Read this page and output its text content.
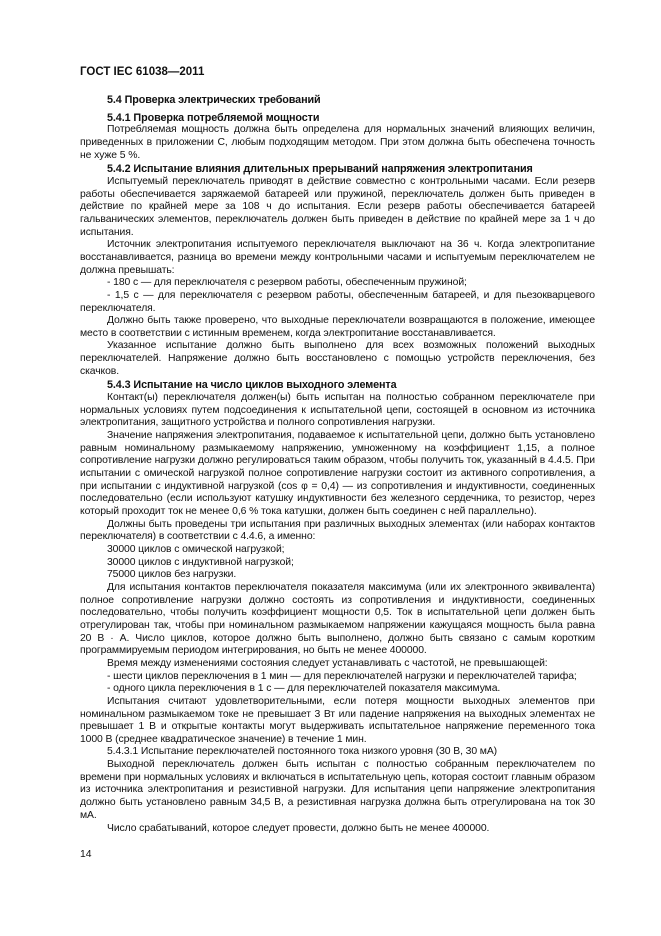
ГОСТ IEC 61038—2011

5.4 Проверка электрических требований

5.4.1 Проверка потребляемой мощности

Потребляемая мощность должна быть определена для нормальных значений влияющих величин, приведенных в приложении С, любым подходящим методом. При этом должна быть обеспечена точность не хуже 5 %.

5.4.2 Испытание влияния длительных прерываний напряжения электропитания

Испытуемый переключатель приводят в действие совместно с контрольными часами. Если резерв работы обеспечивается заряжаемой батареей или пружиной, переключатель должен быть приведен в действие по крайней мере за 108 ч до испытания. Если резерв работы обеспечивается батареей гальванических элементов, переключатель должен быть приведен в действие по крайней мере за 1 ч до испытания.

Источник электропитания испытуемого переключателя выключают на 36 ч. Когда электропитание восстанавливается, разница во времени между контрольными часами и испытуемым переключателем не должна превышать:

- 180 с — для переключателя с резервом работы, обеспеченным пружиной;

- 1,5 с — для переключателя с резервом работы, обеспеченным батареей, и для пьезокварцевого переключателя.

Должно быть также проверено, что выходные переключатели возвращаются в положение, имеющее место в соответствии с истинным временем, когда электропитание восстанавливается.

Указанное испытание должно быть выполнено для всех возможных положений выходных переключателей. Напряжение должно быть восстановлено с помощью устройств переключения, без скачков.

5.4.3 Испытание на число циклов выходного элемента

Контакт(ы) переключателя должен(ы) быть испытан на полностью собранном переключателе при нормальных условиях путем подсоединения к испытательной цепи, состоящей в основном из источника электропитания, защитного устройства и полного сопротивления нагрузки.

Значение напряжения электропитания, подаваемое к испытательной цепи, должно быть установлено равным номинальному размыкаемому напряжению, умноженному на коэффициент 1,15, а полное сопротивление нагрузки должно регулироваться таким образом, чтобы получить ток, указанный в 4.4.5. При испытании с омической нагрузкой полное сопротивление нагрузки состоит из активного сопротивления, а при испытании с индуктивной нагрузкой (cos φ = 0,4) — из сопротивления и индуктивности, соединенных последовательно (если используют катушку индуктивности без железного сердечника, то резистор, через который проходит ток не менее 0,6 % тока катушки, должен быть соединен с ней параллельно).

Должны быть проведены три испытания при различных выходных элементах (или наборах контактов переключателя) в соответствии с 4.4.6, а именно:

30000 циклов с омической нагрузкой;

30000 циклов с индуктивной нагрузкой;

75000 циклов без нагрузки.

Для испытания контактов переключателя показателя максимума (или их электронного эквивалента) полное сопротивление нагрузки должно состоять из сопротивления и индуктивности, соединенных последовательно, чтобы получить коэффициент мощности 0,5. Ток в испытательной цепи должен быть отрегулирован так, чтобы при номинальном размыкаемом напряжении кажущаяся мощность была равна 20 В · А. Число циклов, которое должно быть выполнено, должно быть связано с самым коротким программируемым периодом интегрирования, но быть не менее 400000.

Время между изменениями состояния следует устанавливать с частотой, не превышающей:

- шести циклов переключения в 1 мин — для переключателей нагрузки и переключателей тарифа;

- одного цикла переключения в 1 с — для переключателей показателя максимума.

Испытания считают удовлетворительными, если потеря мощности выходных элементов при номинальном размыкаемом токе не превышает 3 Вт или падение напряжения на выходных элементах не превышает 1 В и открытые контакты могут выдерживать испытательное напряжение переменного тока 1000 В (среднее квадратическое значение) в течение 1 мин.

5.4.3.1 Испытание переключателей постоянного тока низкого уровня (30 В, 30 мА)

Выходной переключатель должен быть испытан с полностью собранным переключателем по времени при нормальных условиях и включаться в испытательную цепь, которая состоит главным образом из источника электропитания и резистивной нагрузки. Для испытания цепи напряжение электропитания должно быть установлено равным 34,5 В, а резистивная нагрузка должна быть отрегулирована на ток 30 мА.

Число срабатываний, которое следует провести, должно быть не менее 400000.

14
